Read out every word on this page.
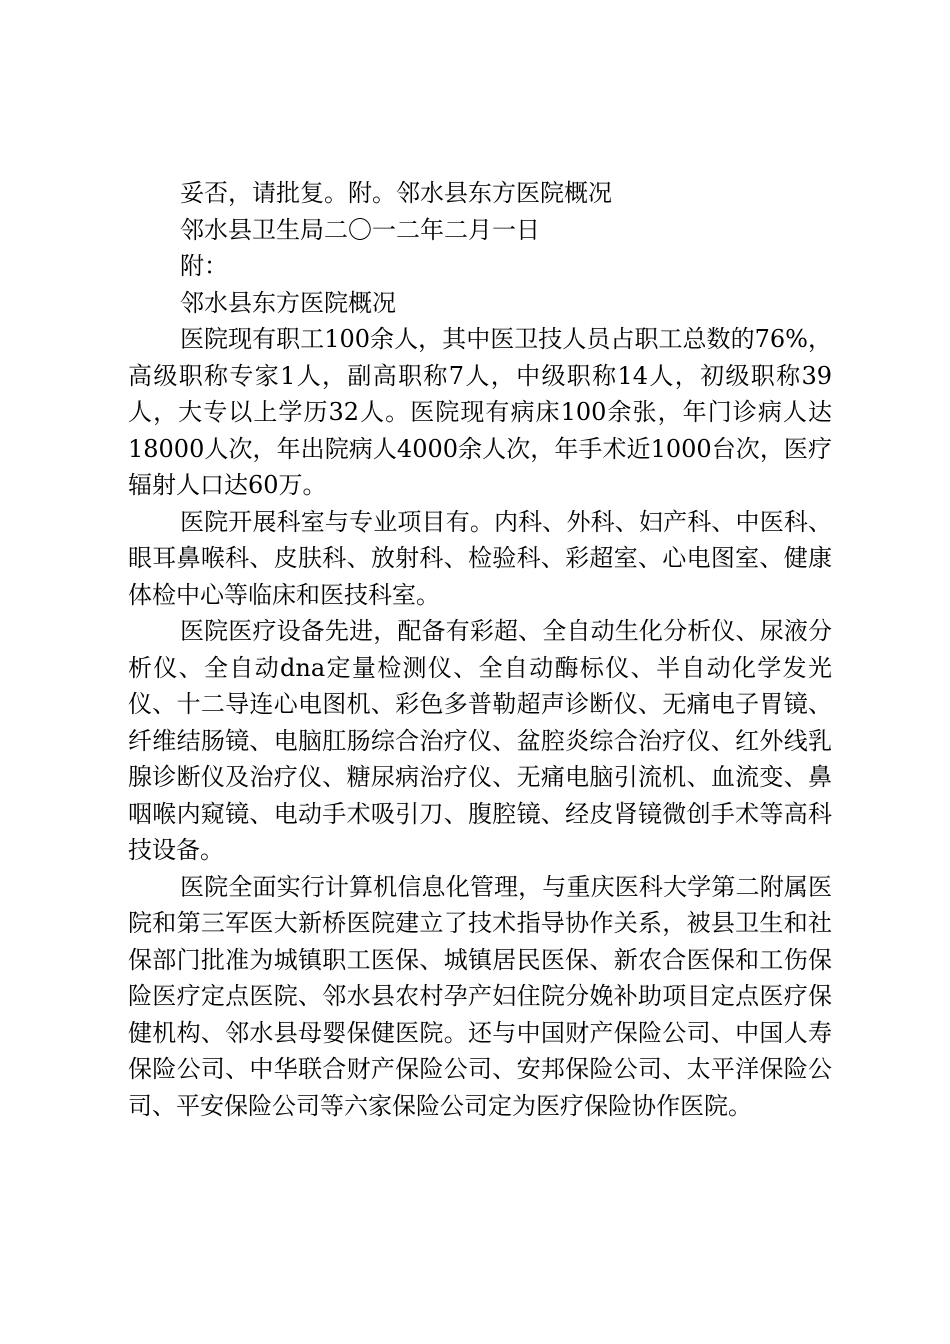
妥否，请批复。附。邻水县东方医院概况

邻水县卫生局二〇一二年二月一日

附：

邻水县东方医院概况

医院现有职工100余人，其中医卫技人员占职工总数的76%，高级职称专家1人，副高职称7人，中级职称14人，初级职称39人，大专以上学历32人。医院现有病床100余张，年门诊病人达18000人次，年出院病人4000余人次，年手术近1000台次，医疗辐射人口达60万。

医院开展科室与专业项目有。内科、外科、妇产科、中医科、眼耳鼻喉科、皮肤科、放射科、检验科、彩超室、心电图室、健康体检中心等临床和医技科室。

医院医疗设备先进，配备有彩超、全自动生化分析仪、尿液分析仪、全自动dna定量检测仪、全自动酶标仪、半自动化学发光仪、十二导连心电图机、彩色多普勒超声诊断仪、无痛电子胃镜、纤维结肠镜、电脑肛肠综合治疗仪、盆腔炎综合治疗仪、红外线乳腺诊断仪及治疗仪、糖尿病治疗仪、无痛电脑引流机、血流变、鼻咽喉内窥镜、电动手术吸引刀、腹腔镜、经皮肾镜微创手术等高科技设备。

医院全面实行计算机信息化管理，与重庆医科大学第二附属医院和第三军医大新桥医院建立了技术指导协作关系，被县卫生和社保部门批准为城镇职工医保、城镇居民医保、新农合医保和工伤保险医疗定点医院、邻水县农村孕产妇住院分娩补助项目定点医疗保健机构、邻水县母婴保健医院。还与中国财产保险公司、中国人寿保险公司、中华联合财产保险公司、安邦保险公司、太平洋保险公司、平安保险公司等六家保险公司定为医疗保险协作医院。
